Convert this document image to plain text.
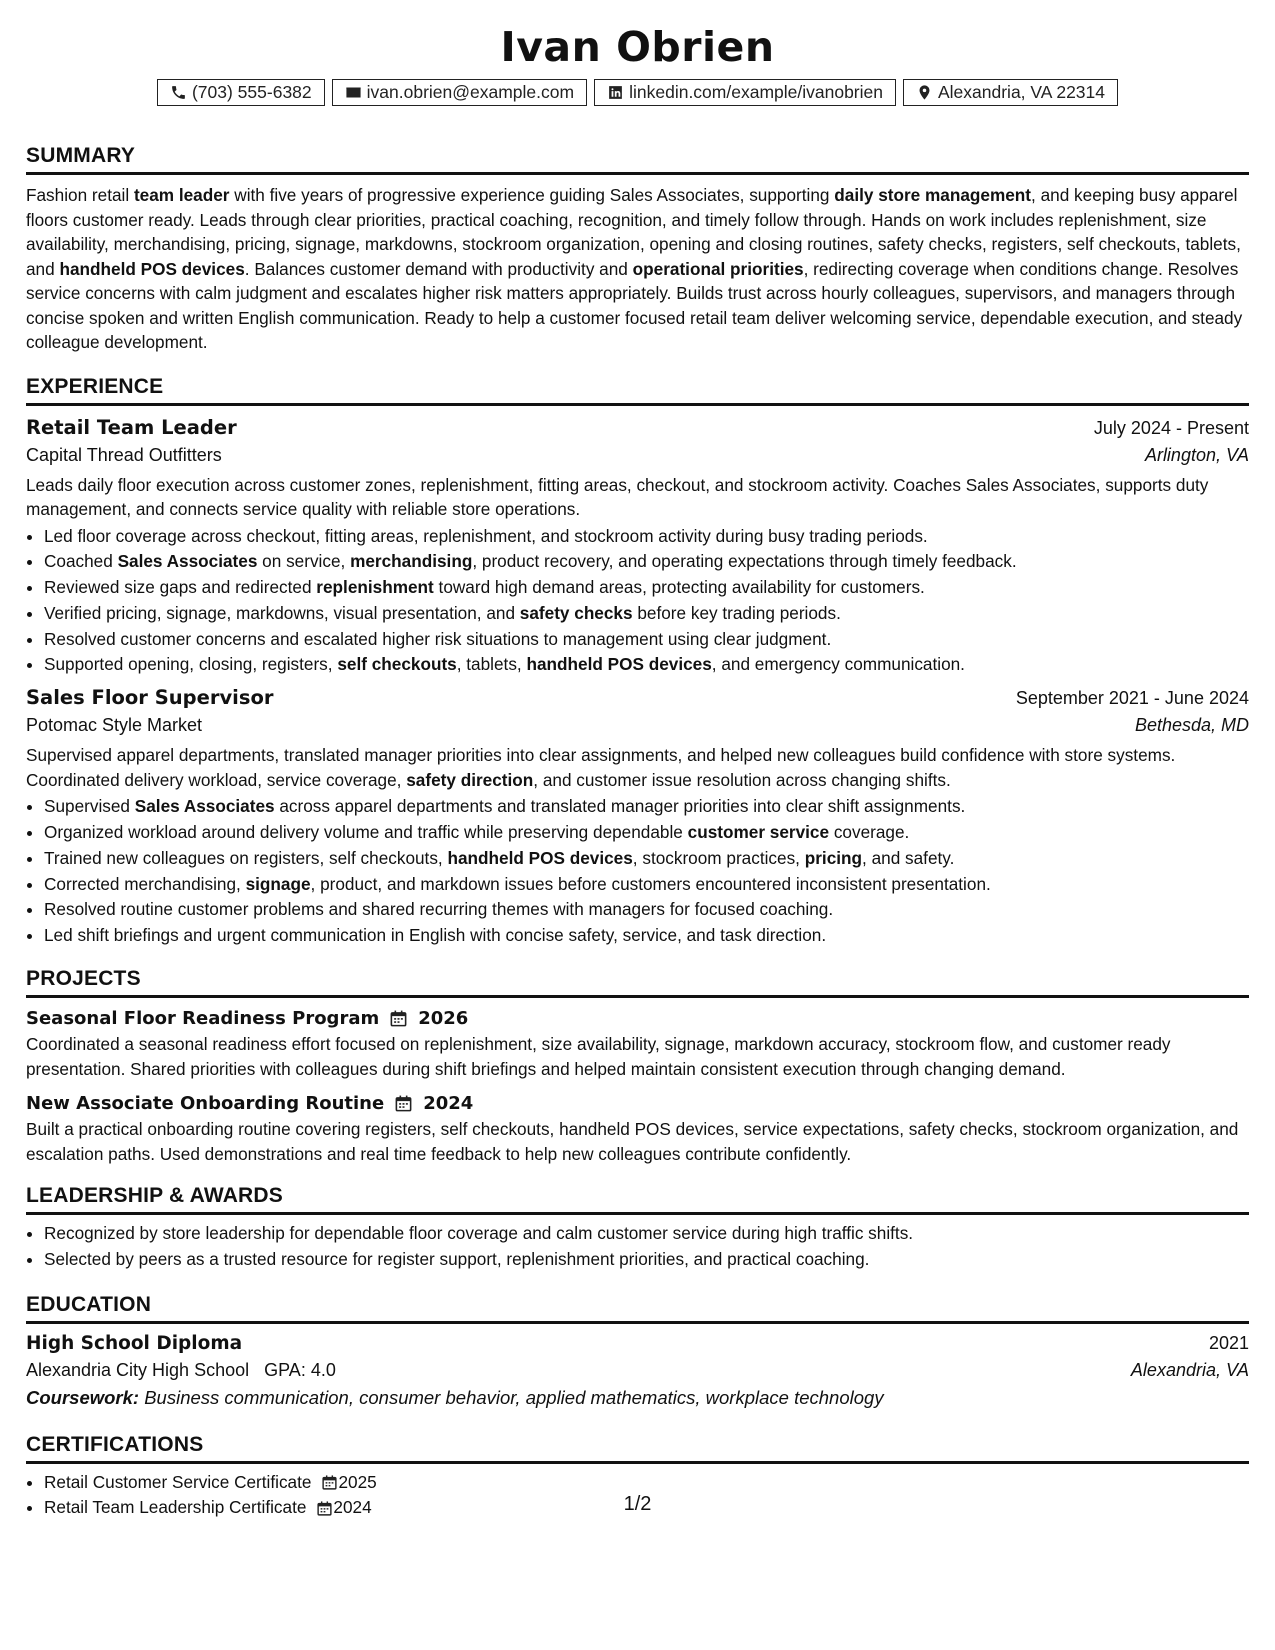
Ivan Obrien
(703) 555-6382	ivan.obrien@example.com	linkedin.com/example/ivanobrien	Alexandria, VA 22314
SUMMARY
Fashion retail team leader with five years of progressive experience guiding Sales Associates, supporting daily store management, and keeping busy apparel floors customer ready. Leads through clear priorities, practical coaching, recognition, and timely follow through. Hands on work includes replenishment, size availability, merchandising, pricing, signage, markdowns, stockroom organization, opening and closing routines, safety checks, registers, self checkouts, tablets, and handheld POS devices. Balances customer demand with productivity and operational priorities, redirecting coverage when conditions change. Resolves service concerns with calm judgment and escalates higher risk matters appropriately. Builds trust across hourly colleagues, supervisors, and managers through concise spoken and written English communication. Ready to help a customer focused retail team deliver welcoming service, dependable execution, and steady colleague development.
EXPERIENCE
Retail Team Leader	July 2024 - Present
Capital Thread Outfitters	Arlington, VA
Leads daily floor execution across customer zones, replenishment, fitting areas, checkout, and stockroom activity. Coaches Sales Associates, supports duty management, and connects service quality with reliable store operations.
• Led floor coverage across checkout, fitting areas, replenishment, and stockroom activity during busy trading periods.
• Coached Sales Associates on service, merchandising, product recovery, and operating expectations through timely feedback.
• Reviewed size gaps and redirected replenishment toward high demand areas, protecting availability for customers.
• Verified pricing, signage, markdowns, visual presentation, and safety checks before key trading periods.
• Resolved customer concerns and escalated higher risk situations to management using clear judgment.
• Supported opening, closing, registers, self checkouts, tablets, handheld POS devices, and emergency communication.
Sales Floor Supervisor	September 2021 - June 2024
Potomac Style Market	Bethesda, MD
Supervised apparel departments, translated manager priorities into clear assignments, and helped new colleagues build confidence with store systems. Coordinated delivery workload, service coverage, safety direction, and customer issue resolution across changing shifts.
• Supervised Sales Associates across apparel departments and translated manager priorities into clear shift assignments.
• Organized workload around delivery volume and traffic while preserving dependable customer service coverage.
• Trained new colleagues on registers, self checkouts, handheld POS devices, stockroom practices, pricing, and safety.
• Corrected merchandising, signage, product, and markdown issues before customers encountered inconsistent presentation.
• Resolved routine customer problems and shared recurring themes with managers for focused coaching.
• Led shift briefings and urgent communication in English with concise safety, service, and task direction.
PROJECTS
Seasonal Floor Readiness Program 2026
Coordinated a seasonal readiness effort focused on replenishment, size availability, signage, markdown accuracy, stockroom flow, and customer ready presentation. Shared priorities with colleagues during shift briefings and helped maintain consistent execution through changing demand.
New Associate Onboarding Routine 2024
Built a practical onboarding routine covering registers, self checkouts, handheld POS devices, service expectations, safety checks, stockroom organization, and escalation paths. Used demonstrations and real time feedback to help new colleagues contribute confidently.
LEADERSHIP & AWARDS
• Recognized by store leadership for dependable floor coverage and calm customer service during high traffic shifts.
• Selected by peers as a trusted resource for register support, replenishment priorities, and practical coaching.
EDUCATION
High School Diploma	2021
Alexandria City High School GPA: 4.0	Alexandria, VA
Coursework: Business communication, consumer behavior, applied mathematics, workplace technology
CERTIFICATIONS
• Retail Customer Service Certificate 2025
• Retail Team Leadership Certificate 2024	1/2
